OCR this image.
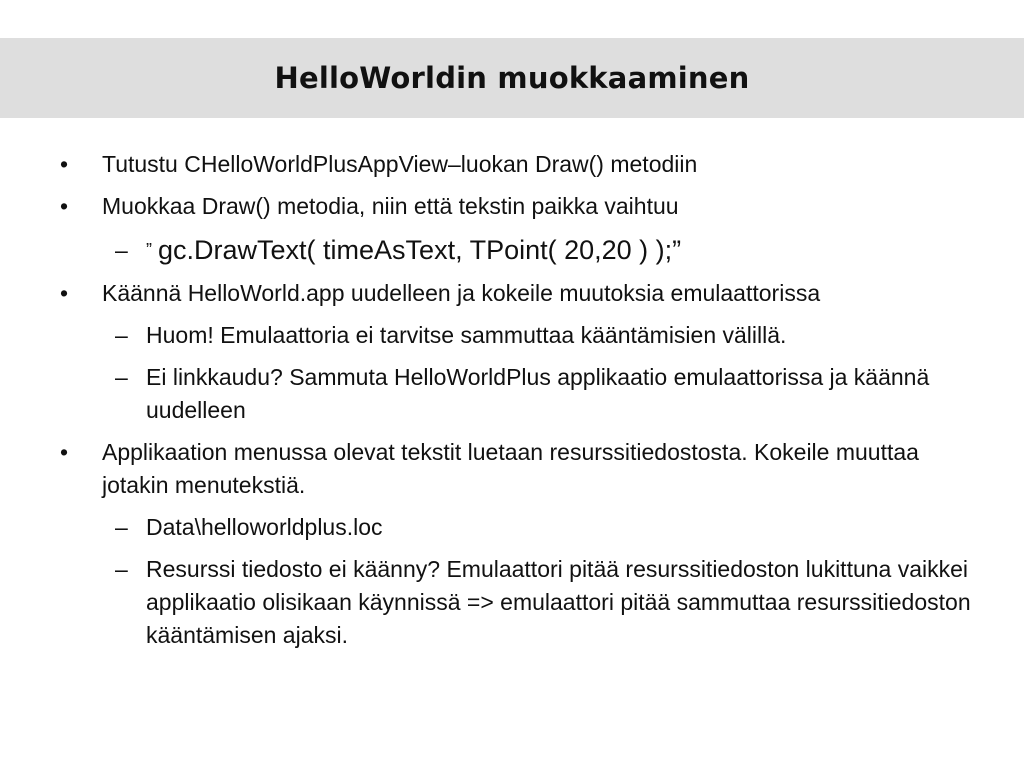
HelloWorldin muokkaaminen
• Tutustu CHelloWorldPlusAppView–luokan Draw() metodiin
• Muokkaa Draw() metodia, niin että tekstin paikka vaihtuu
– ” gc.DrawText( timeAsText, TPoint( 20,20 ) );”
• Käännä HelloWorld.app uudelleen ja kokeile muutoksia emulaattorissa
– Huom! Emulaattoria ei tarvitse sammuttaa kääntämisien välillä.
– Ei linkkaudu? Sammuta HelloWorldPlus applikaatio emulaattorissa ja käännä uudelleen
• Applikaation menussa olevat tekstit luetaan resurssitiedostosta. Kokeile muuttaa jotakin menutekstiä.
– Data\helloworldplus.loc
– Resurssi tiedosto ei käänny? Emulaattori pitää resurssitiedoston lukittuna vaikkei applikaatio olisikaan käynnissä => emulaattori pitää sammuttaa resurssitiedoston kääntämisen ajaksi.
